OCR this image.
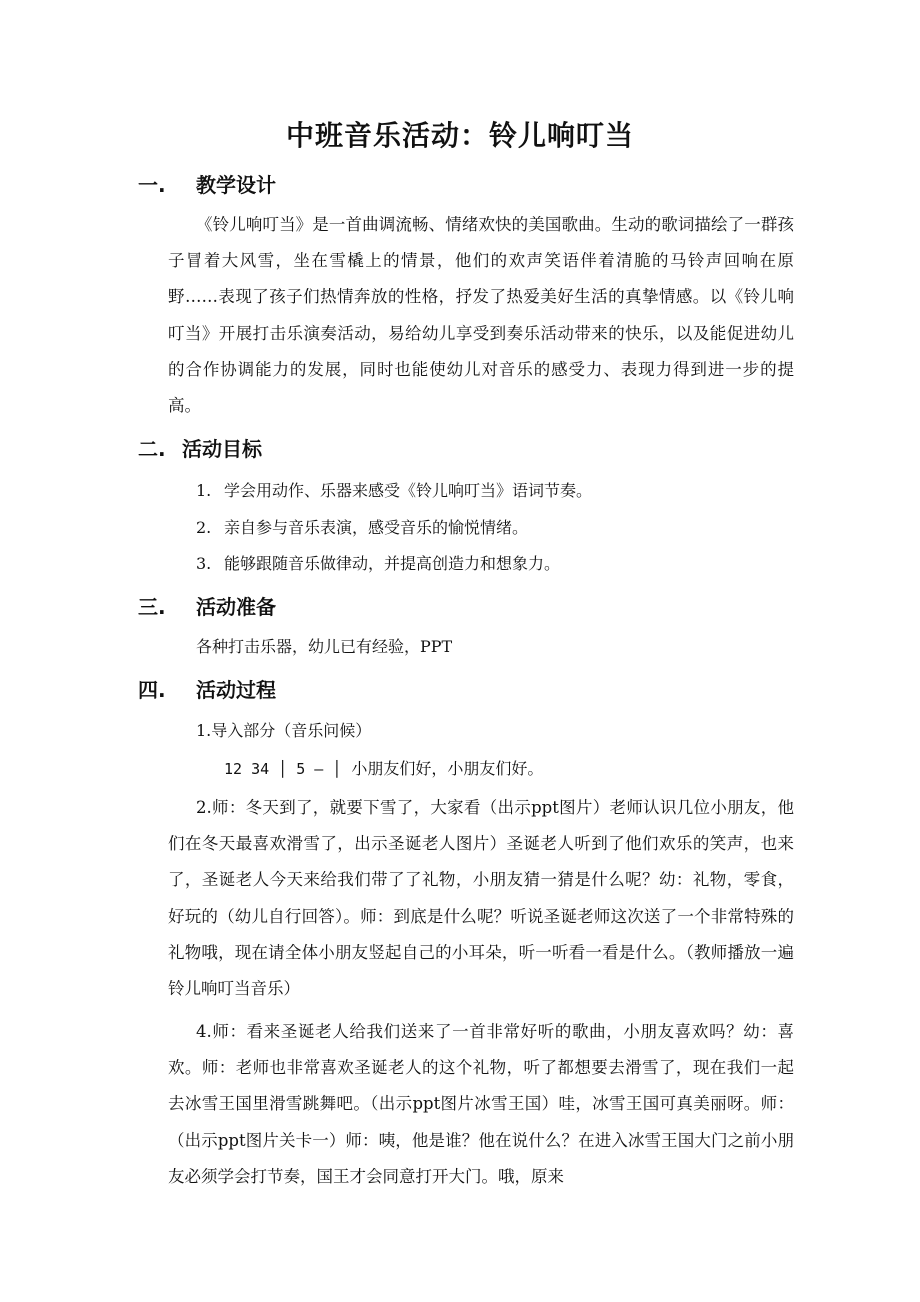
中班音乐活动：铃儿响叮当
一. 教学设计

《铃儿响叮当》是一首曲调流畅、情绪欢快的美国歌曲。生动的歌词描绘了一群孩子冒着大风雪，坐在雪橇上的情景，他们的欢声笑语伴着清脆的马铃声回响在原野……表现了孩子们热情奔放的性格，抒发了热爱美好生活的真挚情感。以《铃儿响叮当》开展打击乐演奏活动，易给幼儿享受到奏乐活动带来的快乐，以及能促进幼儿的合作协调能力的发展，同时也能使幼儿对音乐的感受力、表现力得到进一步的提高。

二. 活动目标
1. 学会用动作、乐器来感受《铃儿响叮当》语词节奏。
2. 亲自参与音乐表演，感受音乐的愉悦情绪。
3. 能够跟随音乐做律动，并提高创造力和想象力。
三. 活动准备

各种打击乐器，幼儿已有经验，PPT

四. 活动过程

1.导入部分（音乐问候）

12 34 │ 5 — │ 小朋友们好，小朋友们好。

2.师：冬天到了，就要下雪了，大家看（出示ppt图片）老师认识几位小朋友，他们在冬天最喜欢滑雪了，出示圣诞老人图片）圣诞老人听到了他们欢乐的笑声，也来了，圣诞老人今天来给我们带了了礼物，小朋友猜一猜是什么呢？幼：礼物，零食，好玩的（幼儿自行回答）。师：到底是什么呢？听说圣诞老师这次送了一个非常特殊的礼物哦，现在请全体小朋友竖起自己的小耳朵，听一听看一看是什么。（教师播放一遍铃儿响叮当音乐）

4.师：看来圣诞老人给我们送来了一首非常好听的歌曲，小朋友喜欢吗？幼：喜欢。师：老师也非常喜欢圣诞老人的这个礼物，听了都想要去滑雪了，现在我们一起去冰雪王国里滑雪跳舞吧。（出示ppt图片冰雪王国）哇，冰雪王国可真美丽呀。师：（出示ppt图片关卡一）师：咦，他是谁？他在说什么？在进入冰雪王国大门之前小朋友必须学会打节奏，国王才会同意打开大门。哦，原来
